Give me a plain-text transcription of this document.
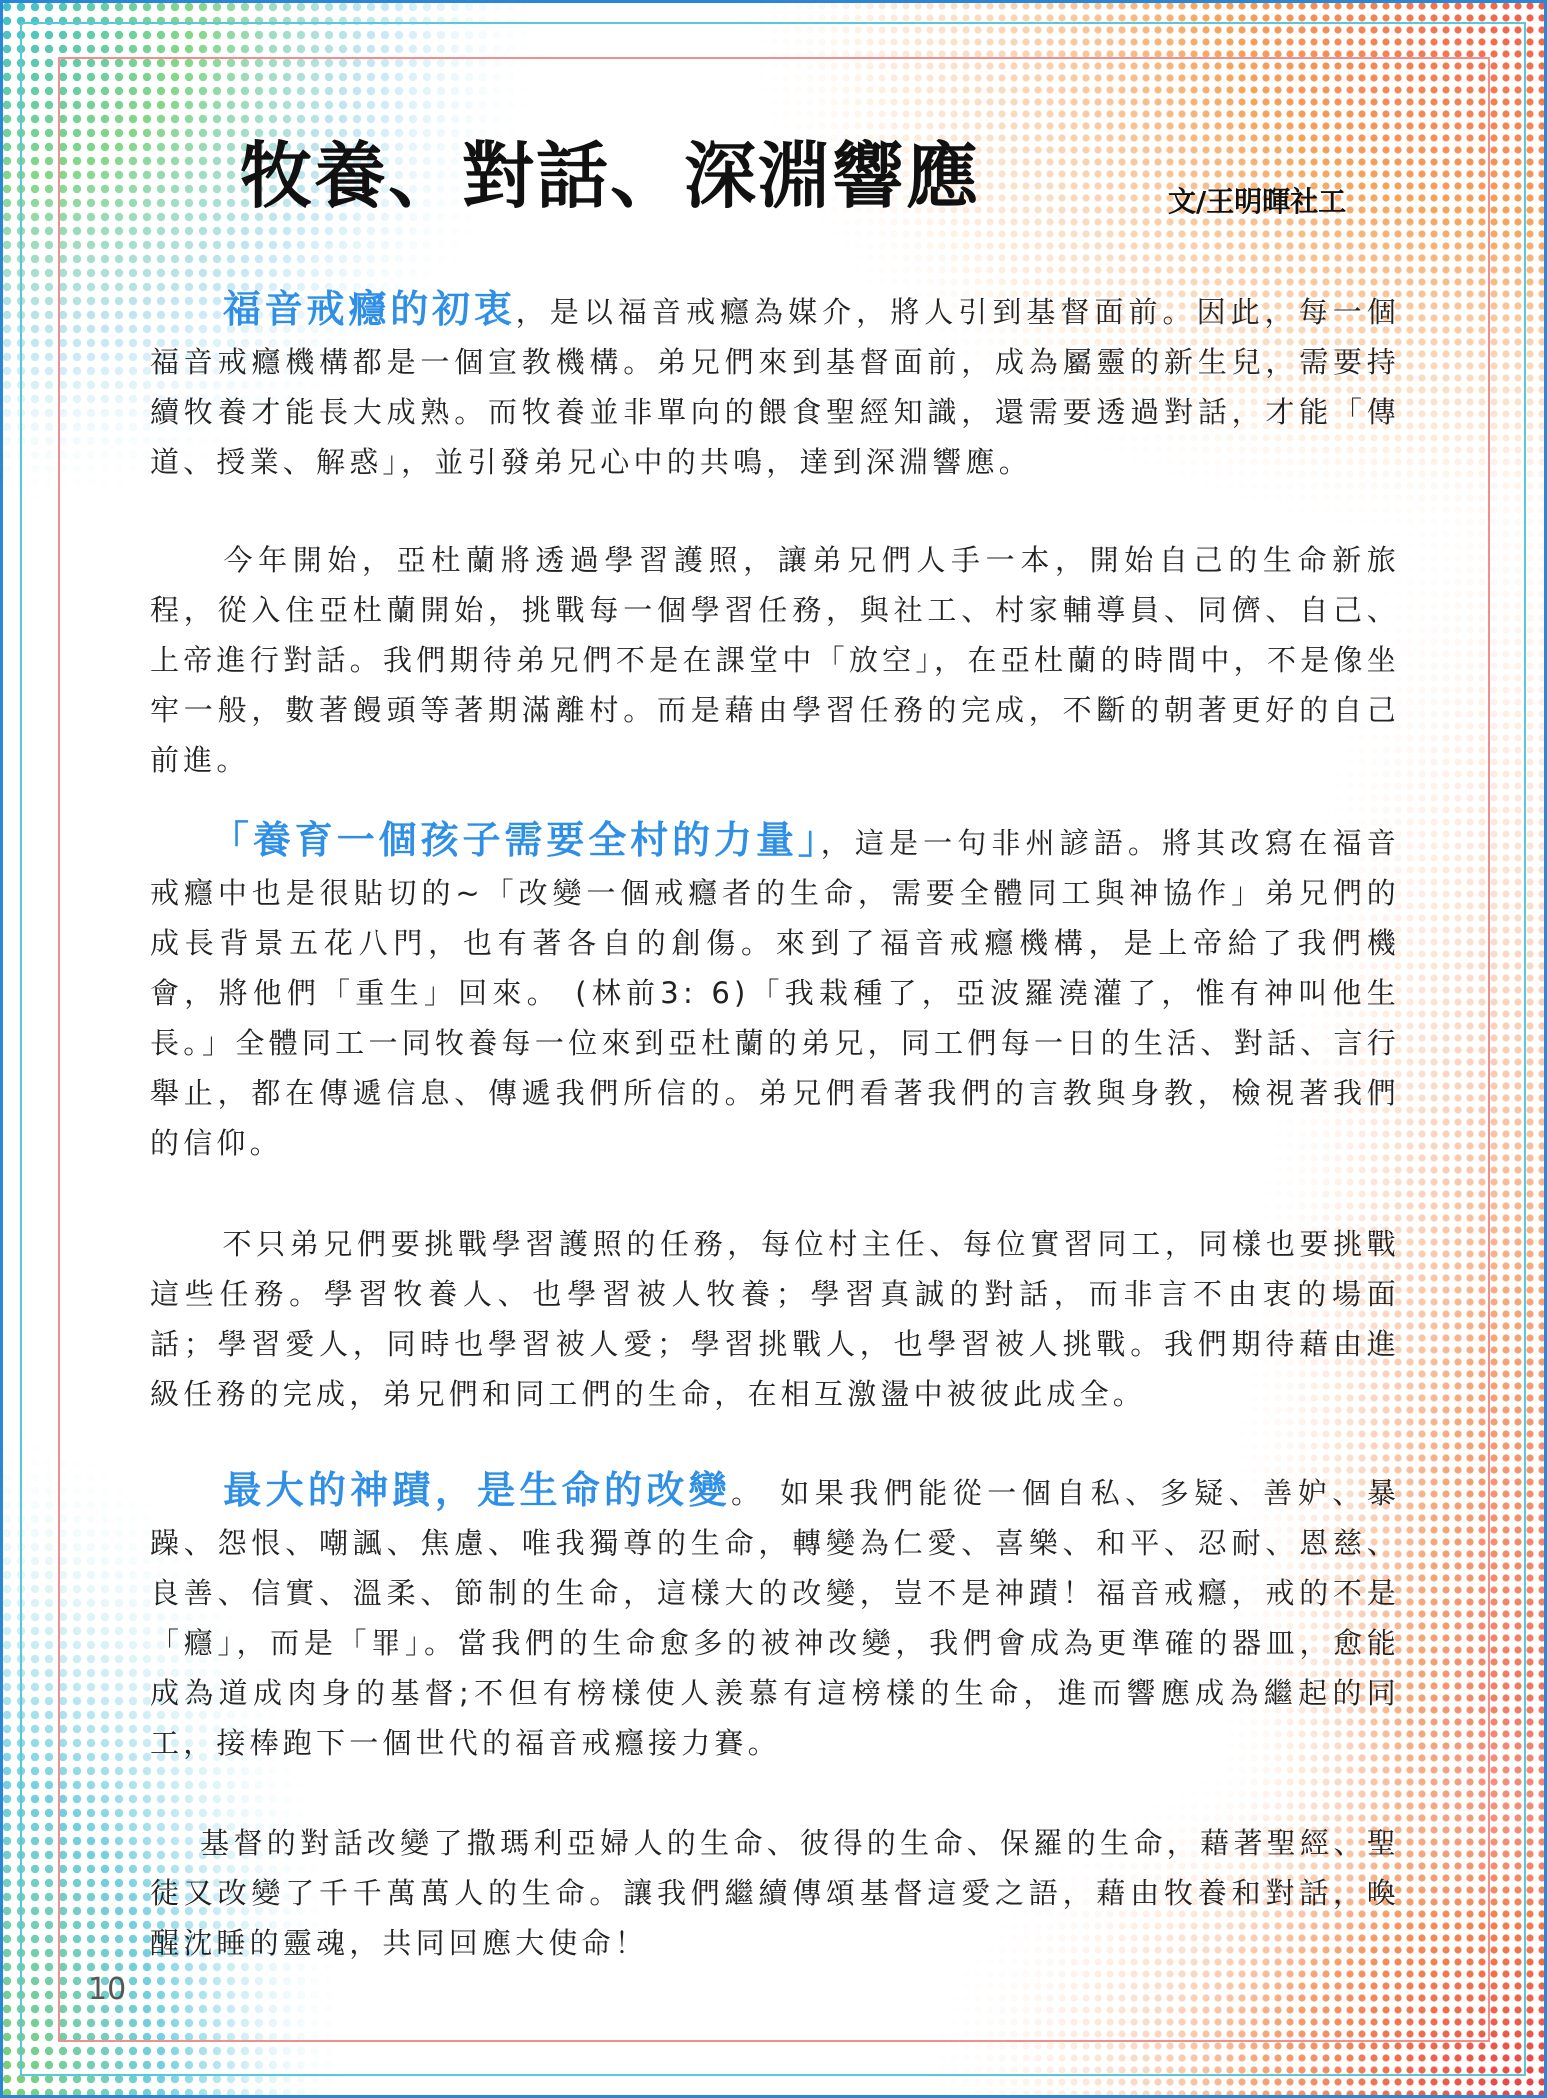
牧養、對話、深淵響應	文/王明暉社工
福音戒癮的初衷，是以福音戒癮為媒介，將人引到基督面前。因此，每一個福音戒癮機構都是一個宣教機構。弟兄們來到基督面前，成為屬靈的新生兒，需要持續牧養才能長大成熟。而牧養並非單向的餵食聖經知識，還需要透過對話，才能「傳道、授業、解惑」，並引發弟兄心中的共鳴，達到深淵響應。
今年開始，亞杜蘭將透過學習護照，讓弟兄們人手一本，開始自己的生命新旅程，從入住亞杜蘭開始，挑戰每一個學習任務，與社工、村家輔導員、同儕、自己、上帝進行對話。我們期待弟兄們不是在課堂中「放空」，在亞杜蘭的時間中，不是像坐牢一般，數著饅頭等著期滿離村。而是藉由學習任務的完成，不斷的朝著更好的自己前進。
「養育一個孩子需要全村的力量」，這是一句非州諺語。將其改寫在福音戒癮中也是很貼切的~「改變一個戒癮者的生命，需要全體同工與神協作」弟兄們的成長背景五花八門，也有著各自的創傷。來到了福音戒癮機構，是上帝給了我們機會，將他們「重生」回來。 (林前3: 6)「我栽種了，亞波羅澆灌了，惟有神叫他生長。」全體同工一同牧養每一位來到亞杜蘭的弟兄，同工們每一日的生活、對話、言行舉止，都在傳遞信息、傳遞我們所信的。弟兄們看著我們的言教與身教，檢視著我們的信仰。
不只弟兄們要挑戰學習護照的任務，每位村主任、每位實習同工，同樣也要挑戰這些任務。學習牧養人、也學習被人牧養；學習真誠的對話，而非言不由衷的場面話；學習愛人，同時也學習被人愛；學習挑戰人，也學習被人挑戰。我們期待藉由進級任務的完成，弟兄們和同工們的生命，在相互激盪中被彼此成全。
最大的神蹟，是生命的改變。 如果我們能從一個自私、多疑、善妒、暴躁、怨恨、嘲諷、焦慮、唯我獨尊的生命，轉變為仁愛、喜樂、和平、忍耐、恩慈、良善、信實、溫柔、節制的生命，這樣大的改變，豈不是神蹟！福音戒癮，戒的不是「癮」，而是「罪」。當我們的生命愈多的被神改變，我們會成為更準確的器皿，愈能成為道成肉身的基督;不但有榜樣使人羨慕有這榜樣的生命，進而響應成為繼起的同工，接棒跑下一個世代的福音戒癮接力賽。
基督的對話改變了撒瑪利亞婦人的生命、彼得的生命、保羅的生命，藉著聖經、聖徒又改變了千千萬萬人的生命。讓我們繼續傳頌基督這愛之語，藉由牧養和對話，喚醒沈睡的靈魂，共同回應大使命！
10
